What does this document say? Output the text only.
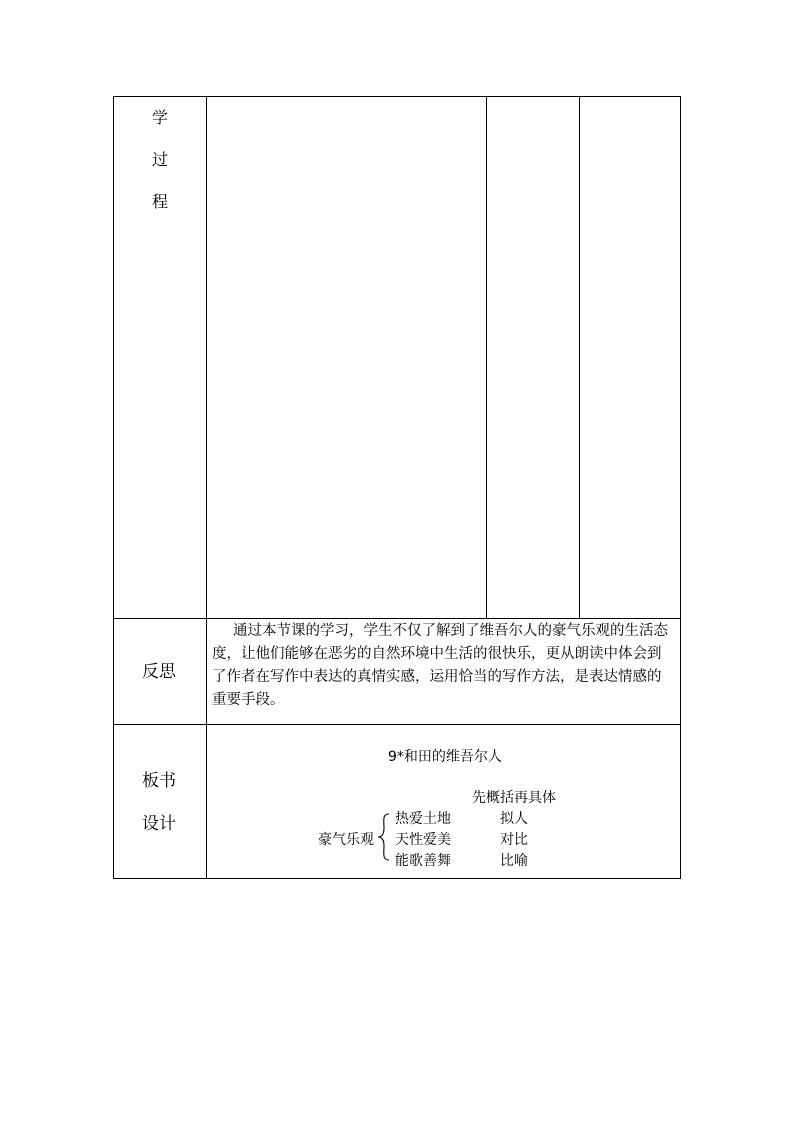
学
过
程
反思

通过本节课的学习，学生不仅了解到了维吾尔人的豪气乐观的生活态度，让他们能够在恶劣的自然环境中生活的很快乐，更从朗读中体会到了作者在写作中表达的真情实感，运用恰当的写作方法，是表达情感的重要手段。

板书
设计
9*和田的维吾尔人
先概括再具体
豪气乐观
热爱土地
天性爱美
能歌善舞
拟人
对比
比喻
